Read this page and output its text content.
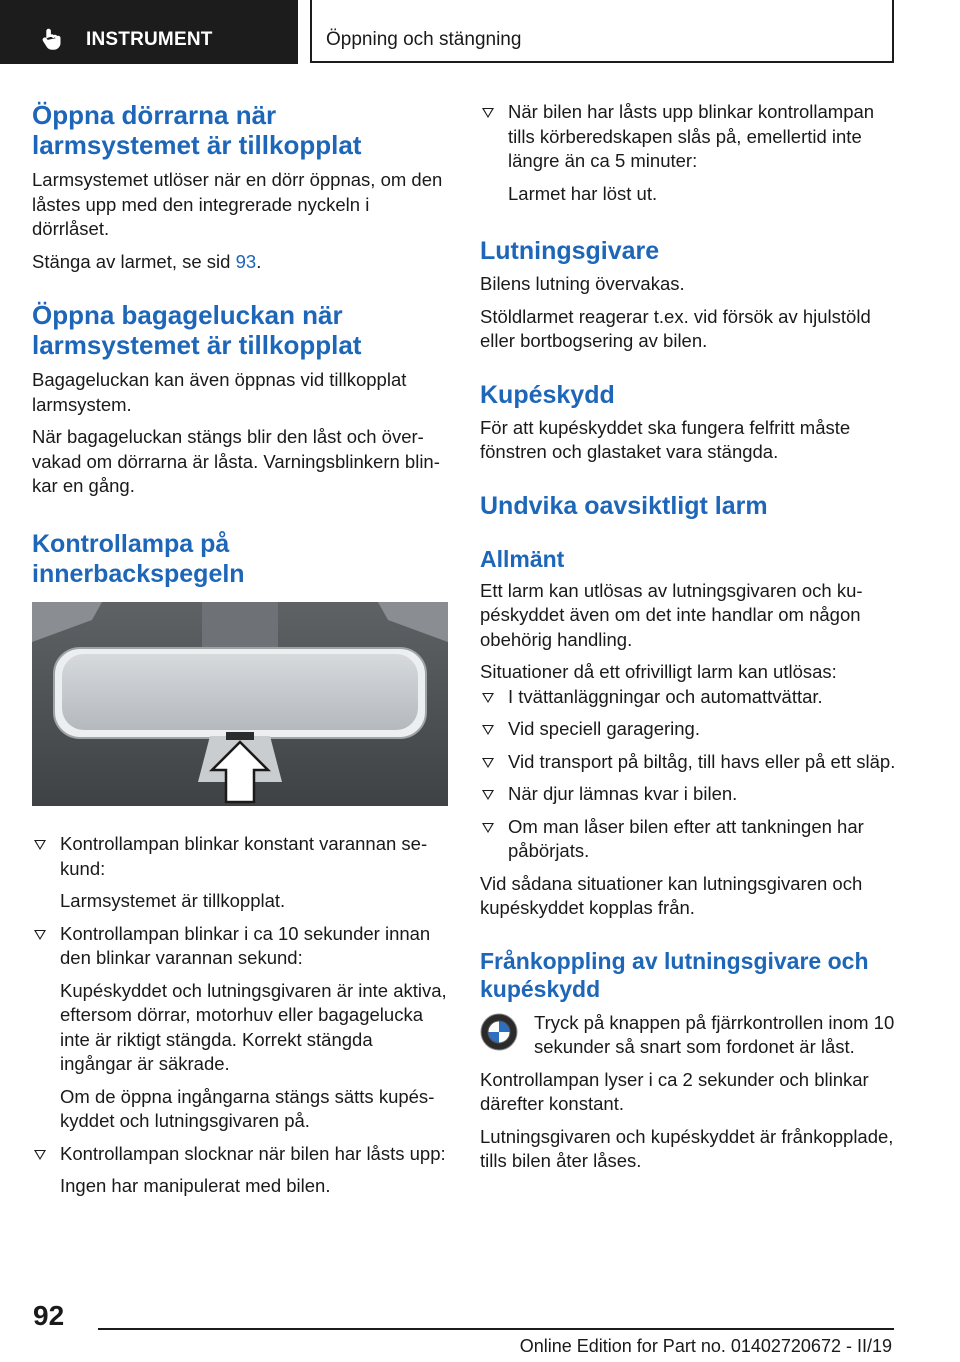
INSTRUMENT	Öppning och stängning
Öppna dörrarna när larmsystemet är tillkopplat

Larmsystemet utlöser när en dörr öppnas, om den låstes upp med den integrerade nyckeln i dörrlåset.

Stänga av larmet, se sid 93.

Öppna bagageluckan när larmsystemet är tillkopplat

Bagageluckan kan även öppnas vid tillkopplat larmsystem.

När bagageluckan stängs blir den låst och övervakad om dörrarna är låsta. Varningsblinkern blinkar en gång.

Kontrollampa på innerbackspegeln
Kontrollampan blinkar konstant varannan sekund:
Larmsystemet är tillkopplat.
Kontrollampan blinkar i ca 10 sekunder innan den blinkar varannan sekund:
Kupéskyddet och lutningsgivaren är inte aktiva, eftersom dörrar, motorhuv eller bagagelucka inte är riktigt stängda. Korrekt stängda ingångar är säkrade.
Om de öppna ingångarna stängs sätts kupéskyddet och lutningsgivaren på.
Kontrollampan slocknar när bilen har låsts upp:
Ingen har manipulerat med bilen.
När bilen har låsts upp blinkar kontrollampan tills körberedskapen slås på, emellertid inte längre än ca 5 minuter:
Larmet har löst ut.
Lutningsgivare

Bilens lutning övervakas.

Stöldlarmet reagerar t.ex. vid försök av hjulstöld eller bortbogsering av bilen.

Kupéskydd

För att kupéskyddet ska fungera felfritt måste fönstren och glastaket vara stängda.

Undvika oavsiktligt larm
Allmänt

Ett larm kan utlösas av lutningsgivaren och kupéskyddet även om det inte handlar om någon obehörig handling.

Situationer då ett ofrivilligt larm kan utlösas:

I tvättanläggningar och automattvättar.
Vid speciell garagering.
Vid transport på biltåg, till havs eller på ett släp.
När djur lämnas kvar i bilen.
Om man låser bilen efter att tankningen har påbörjats.

Vid sådana situationer kan lutningsgivaren och kupéskyddet kopplas från.

Frånkoppling av lutningsgivare och kupéskydd

Tryck på knappen på fjärrkontrollen inom 10 sekunder så snart som fordonet är låst.

Kontrollampan lyser i ca 2 sekunder och blinkar därefter konstant.

Lutningsgivaren och kupéskyddet är frånkopplade, tills bilen åter låses.

92
Online Edition for Part no. 01402720672 - II/19
